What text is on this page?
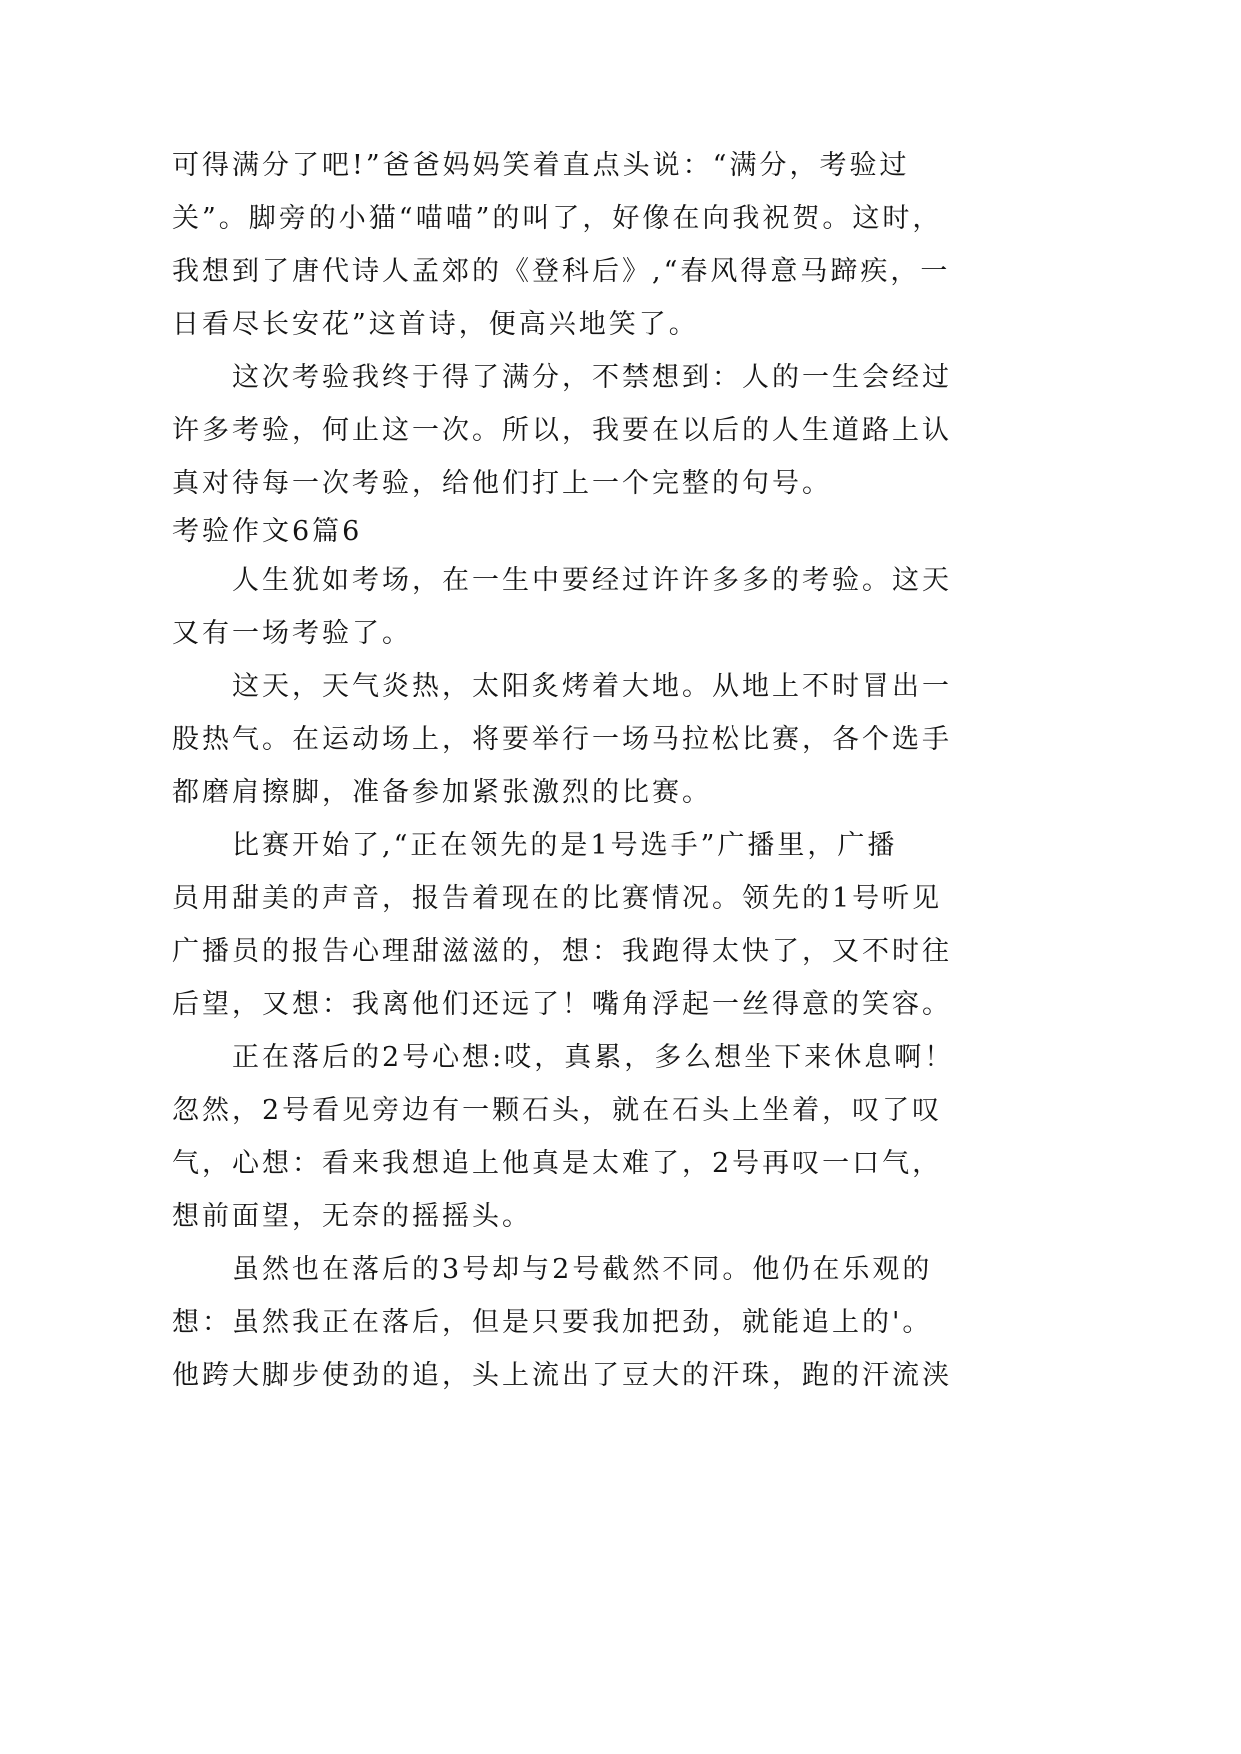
可得满分了吧!”爸爸妈妈笑着直点头说：“满分，考验过
关”。脚旁的小猫“喵喵”的叫了，好像在向我祝贺。这时，
我想到了唐代诗人孟郊的《登科后》,“春风得意马蹄疾，一
日看尽长安花”这首诗，便高兴地笑了。

这次考验我终于得了满分，不禁想到：人的一生会经过
许多考验，何止这一次。所以，我要在以后的人生道路上认
真对待每一次考验，给他们打上一个完整的句号。

考验作文6篇6

人生犹如考场，在一生中要经过许许多多的考验。这天
又有一场考验了。

这天，天气炎热，太阳炙烤着大地。从地上不时冒出一
股热气。在运动场上，将要举行一场马拉松比赛，各个选手
都磨肩擦脚，准备参加紧张激烈的比赛。

比赛开始了,“正在领先的是1号选手”广播里，广播
员用甜美的声音，报告着现在的比赛情况。领先的1号听见
广播员的报告心理甜滋滋的，想：我跑得太快了，又不时往
后望，又想：我离他们还远了！嘴角浮起一丝得意的笑容。

正在落后的2号心想:哎，真累，多么想坐下来休息啊！
忽然，2号看见旁边有一颗石头，就在石头上坐着，叹了叹
气，心想：看来我想追上他真是太难了，2号再叹一口气，
想前面望，无奈的摇摇头。

虽然也在落后的3号却与2号截然不同。他仍在乐观的
想：虽然我正在落后，但是只要我加把劲，就能追上的'。
他跨大脚步使劲的追，头上流出了豆大的汗珠，跑的汗流浃
